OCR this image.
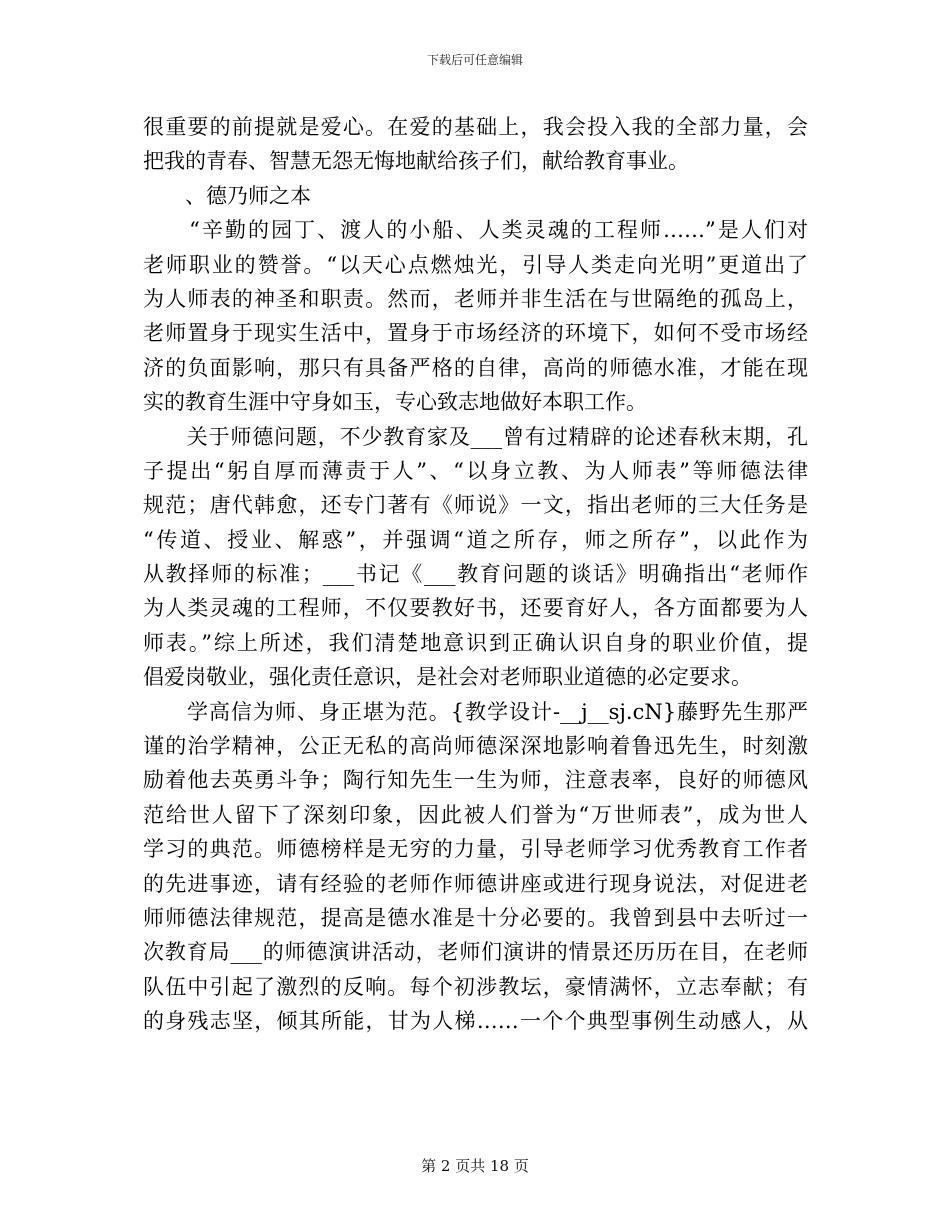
下载后可任意编辑
很重要的前提就是爱心。在爱的基础上，我会投入我的全部力量，会
把我的青春、智慧无怨无悔地献给孩子们，献给教育事业。
　　、德乃师之本
　　“辛勤的园丁、渡人的小船、人类灵魂的工程师……”是人们对
老师职业的赞誉。“以天心点燃烛光，引导人类走向光明”更道出了
为人师表的神圣和职责。然而，老师并非生活在与世隔绝的孤岛上，
老师置身于现实生活中，置身于市场经济的环境下，如何不受市场经
济的负面影响，那只有具备严格的自律，高尚的师德水准，才能在现
实的教育生涯中守身如玉，专心致志地做好本职工作。
　　关于师德问题，不少教育家及___曾有过精辟的论述春秋末期，孔
子提出“躬自厚而薄责于人”、“以身立教、为人师表”等师德法律
规范；唐代韩愈，还专门著有《师说》一文，指出老师的三大任务是
“传道、授业、解惑”，并强调“道之所存，师之所存”，以此作为
从教择师的标准；___书记《___教育问题的谈话》明确指出“老师作
为人类灵魂的工程师，不仅要教好书，还要育好人，各方面都要为人
师表。”综上所述，我们清楚地意识到正确认识自身的职业价值，提
倡爱岗敬业，强化责任意识，是社会对老师职业道德的必定要求。
　　学高信为师、身正堪为范。{教学设计-__j__sj.cN}藤野先生那严
谨的治学精神，公正无私的高尚师德深深地影响着鲁迅先生，时刻激
励着他去英勇斗争；陶行知先生一生为师，注意表率，良好的师德风
范给世人留下了深刻印象，因此被人们誉为“万世师表”，成为世人
学习的典范。师德榜样是无穷的力量，引导老师学习优秀教育工作者
的先进事迹，请有经验的老师作师德讲座或进行现身说法，对促进老
师师德法律规范，提高是德水准是十分必要的。我曾到县中去听过一
次教育局___的师德演讲活动，老师们演讲的情景还历历在目，在老师
队伍中引起了激烈的反响。每个初涉教坛，豪情满怀，立志奉献；有
的身残志坚，倾其所能，甘为人梯……一个个典型事例生动感人，从
第 2 页共 18 页
